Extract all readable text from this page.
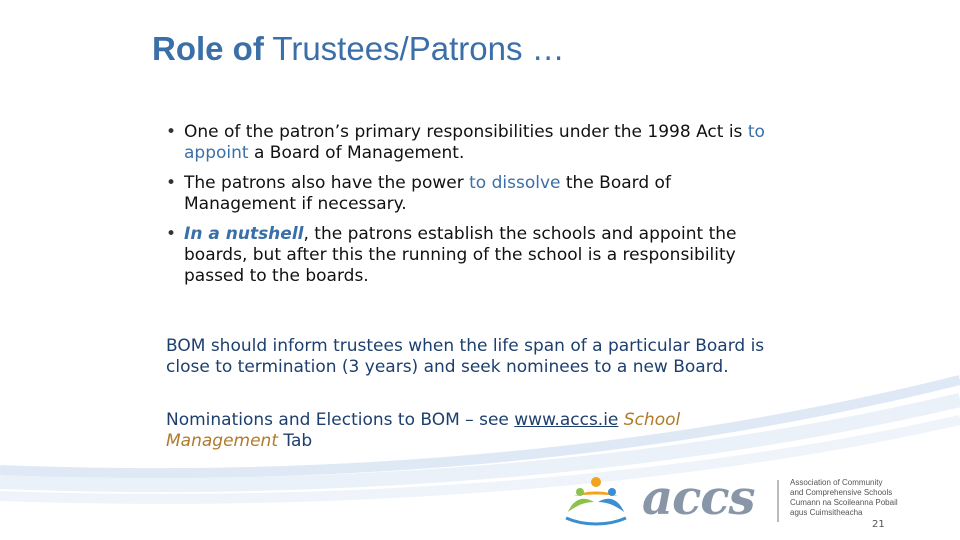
Role of Trustees/Patrons …
• One of the patron’s primary responsibilities under the 1998 Act is to appoint a Board of Management.
• The patrons also have the power to dissolve the Board of Management if necessary.
• In a nutshell, the patrons establish the schools and appoint the boards, but after this the running of the school is a responsibility passed to the boards.

BOM should inform trustees when the life span of a particular Board is close to termination (3 years) and seek nominees to a new Board.

Nominations and Elections to BOM – see www.accs.ie School Management Tab

accs	Association of Community
and Comprehensive Schools
Cumann na Scoileanna Pobail
agus Cuimsitheacha
21
